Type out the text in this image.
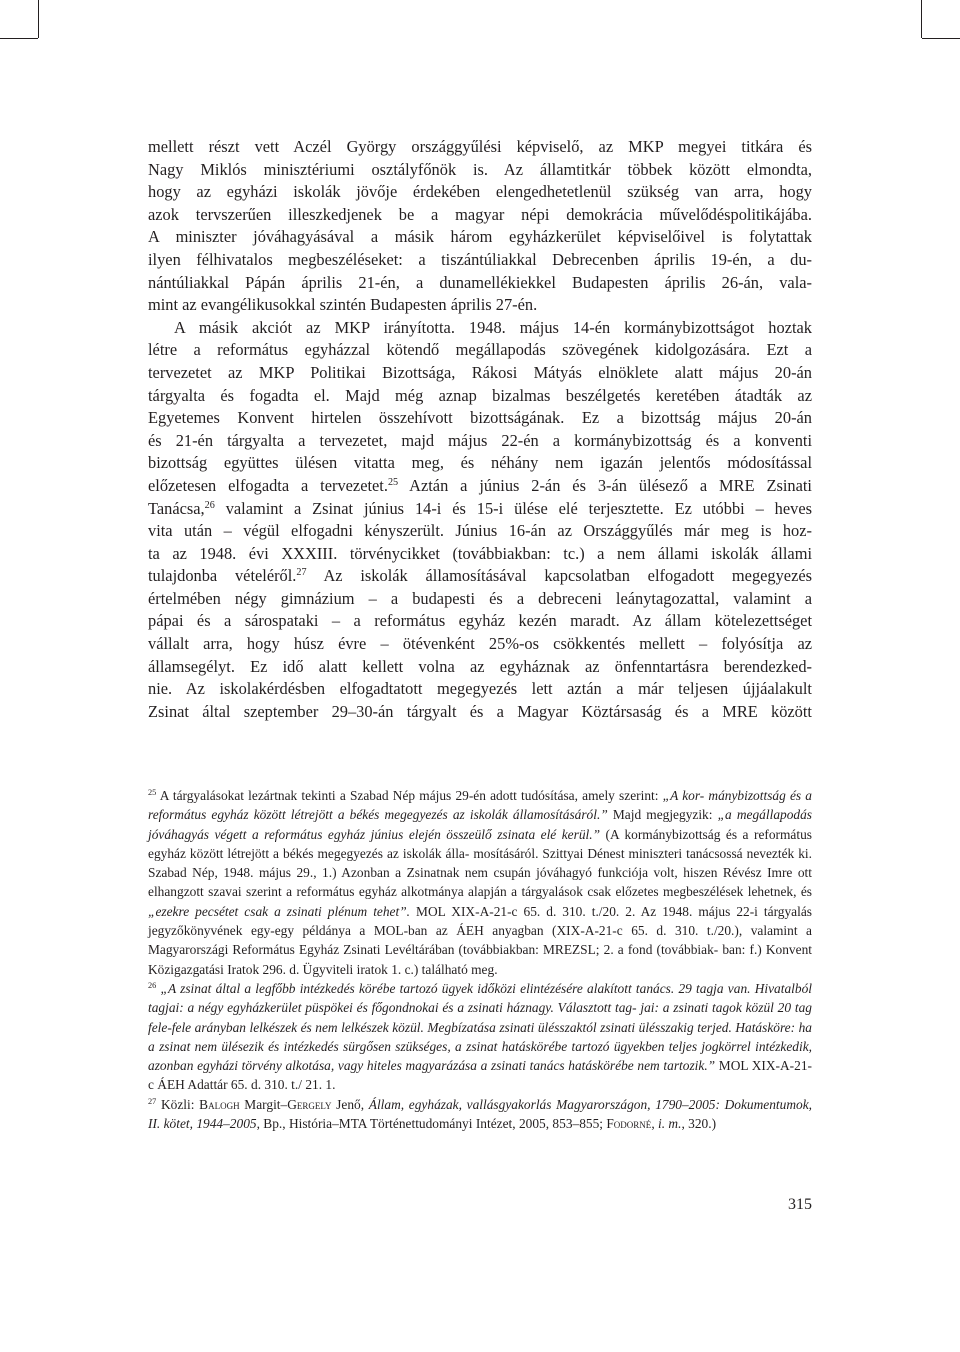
mellett részt vett Aczél György országgyűlési képviselő, az MKP megyei titkára és

Nagy Miklós minisztériumi osztályfőnök is. Az államtitkár többek között elmondta,

hogy az egyházi iskolák jövője érdekében elengedhetetlenül szükség van arra, hogy

azok tervszerűen illeszkedjenek be a magyar népi demokrácia művelődéspolitikájába.

A miniszter jóváhagyásával a másik három egyházkerület képviselőivel is folytattak

ilyen félhivatalos megbeszéléseket: a tiszántúliakkal Debrecenben április 19-én, a du-

nántúliakkal Pápán április 21-én, a dunamellékiekkel Budapesten április 26-án, vala-

mint az evangélikusokkal szintén Budapesten április 27-én.

A másik akciót az MKP irányította. 1948. május 14-én kormánybizottságot hoztak

létre a református egyházzal kötendő megállapodás szövegének kidolgozására. Ezt a

tervezetet az MKP Politikai Bizottsága, Rákosi Mátyás elnöklete alatt május 20-án

tárgyalta és fogadta el. Majd még aznap bizalmas beszélgetés keretében átadták az

Egyetemes Konvent hirtelen összehívott bizottságának. Ez a bizottság május 20-án

és 21-én tárgyalta a tervezetet, majd május 22-én a kormánybizottság és a konventi

bizottság együttes ülésen vitatta meg, és néhány nem igazán jelentős módosítással

előzetesen elfogadta a tervezetet.$^{25}$ Aztán a június 2-án és 3-án ülésező a MRE Zsinati

Tanácsa,$^{26}$ valamint a Zsinat június 14-i és 15-i ülése elé terjesztette. Ez utóbbi – heves

vita után – végül elfogadni kényszerült. Június 16-án az Országgyűlés már meg is hoz-

ta az 1948. évi XXXIII. törvénycikket (továbbiakban: tc.) a nem állami iskolák állami

tulajdonba vételéről.$^{27}$ Az iskolák államosításával kapcsolatban elfogadott megegyezés

értelmében négy gimnázium – a budapesti és a debreceni leánytagozattal, valamint a

pápai és a sárospataki – a református egyház kezén maradt. Az állam kötelezettséget

vállalt arra, hogy húsz évre – ötévenként 25%-os csökkentés mellett – folyósítja az

államsegélyt. Ez idő alatt kellett volna az egyháznak az önfenntartásra berendezked-

nie. Az iskolakérdésben elfogadtatott megegyezés lett aztán a már teljesen újjáalakult

Zsinat által szeptember 29–30-án tárgyalt és a Magyar Köztársaság és a MRE között

$^{25}$ A tárgyalásokat lezártnak tekinti a Szabad Nép május 29-én adott tudósítása, amely szerint: „A kor- mánybizottság és a református egyház között létrejött a békés megegyezés az iskolák államosításáról.” Majd megjegyzik: „a megállapodás jóváhagyás végett a református egyház június elején összeülő zsinata elé kerül.” (A kormánybizottság és a református egyház között létrejött a békés megegyezés az iskolák álla- mosításáról. Szittyai Dénest miniszteri tanácsossá nevezték ki. Szabad Nép, 1948. május 29., 1.) Azonban a Zsinatnak nem csupán jóváhagyó funkciója volt, hiszen Révész Imre ott elhangzott szavai szerint a református egyház alkotmánya alapján a tárgyalások csak előzetes megbeszélések lehetnek, és „ezekre pecsétet csak a zsinati plénum tehet”. MOL XIX-A-21-c 65. d. 310. t./20. 2. Az 1948. május 22-i tárgyalás jegyzőkönyvének egy-egy példánya a MOL-ban az ÁEH anyagban (XIX-A-21-c 65. d. 310. t./20.), valamint a Magyarországi Református Egyház Zsinati Levéltárában (továbbiakban: MREZSL; 2. a fond (továbbiak- ban: f.) Konvent Közigazgatási Iratok 296. d. Ügyviteli iratok 1. c.) található meg.

$^{26}$ „A zsinat által a legfőbb intézkedés körébe tartozó ügyek időközi elintézésére alakított tanács. 29 tagja van. Hivatalból tagjai: a négy egyházkerület püspökei és főgondnokai és a zsinati háznagy. Választott tag- jai: a zsinati tagok közül 20 tag fele-fele arányban lelkészek és nem lelkészek közül. Megbízatása zsinati ülésszaktól zsinati ülésszakig terjed. Hatásköre: ha a zsinat nem ülésezik és intézkedés sürgősen szükséges, a zsinat hatáskörébe tartozó ügyekben teljes jogkörrel intézkedik, azonban egyházi törvény alkotása, vagy hiteles magyarázása a zsinati tanács hatáskörébe nem tartozik.” MOL XIX-A-21-c ÁEH Adattár 65. d. 310. t./ 21. 1.

$^{27}$ Közli: Balogh Margit–Gergely Jenő, Állam, egyházak, vallásgyakorlás Magyarországon, 1790–2005: Dokumentumok, II. kötet, 1944–2005, Bp., História–MTA Történettudományi Intézet, 2005, 853–855; Fodorné, i. m., 320.)

315
